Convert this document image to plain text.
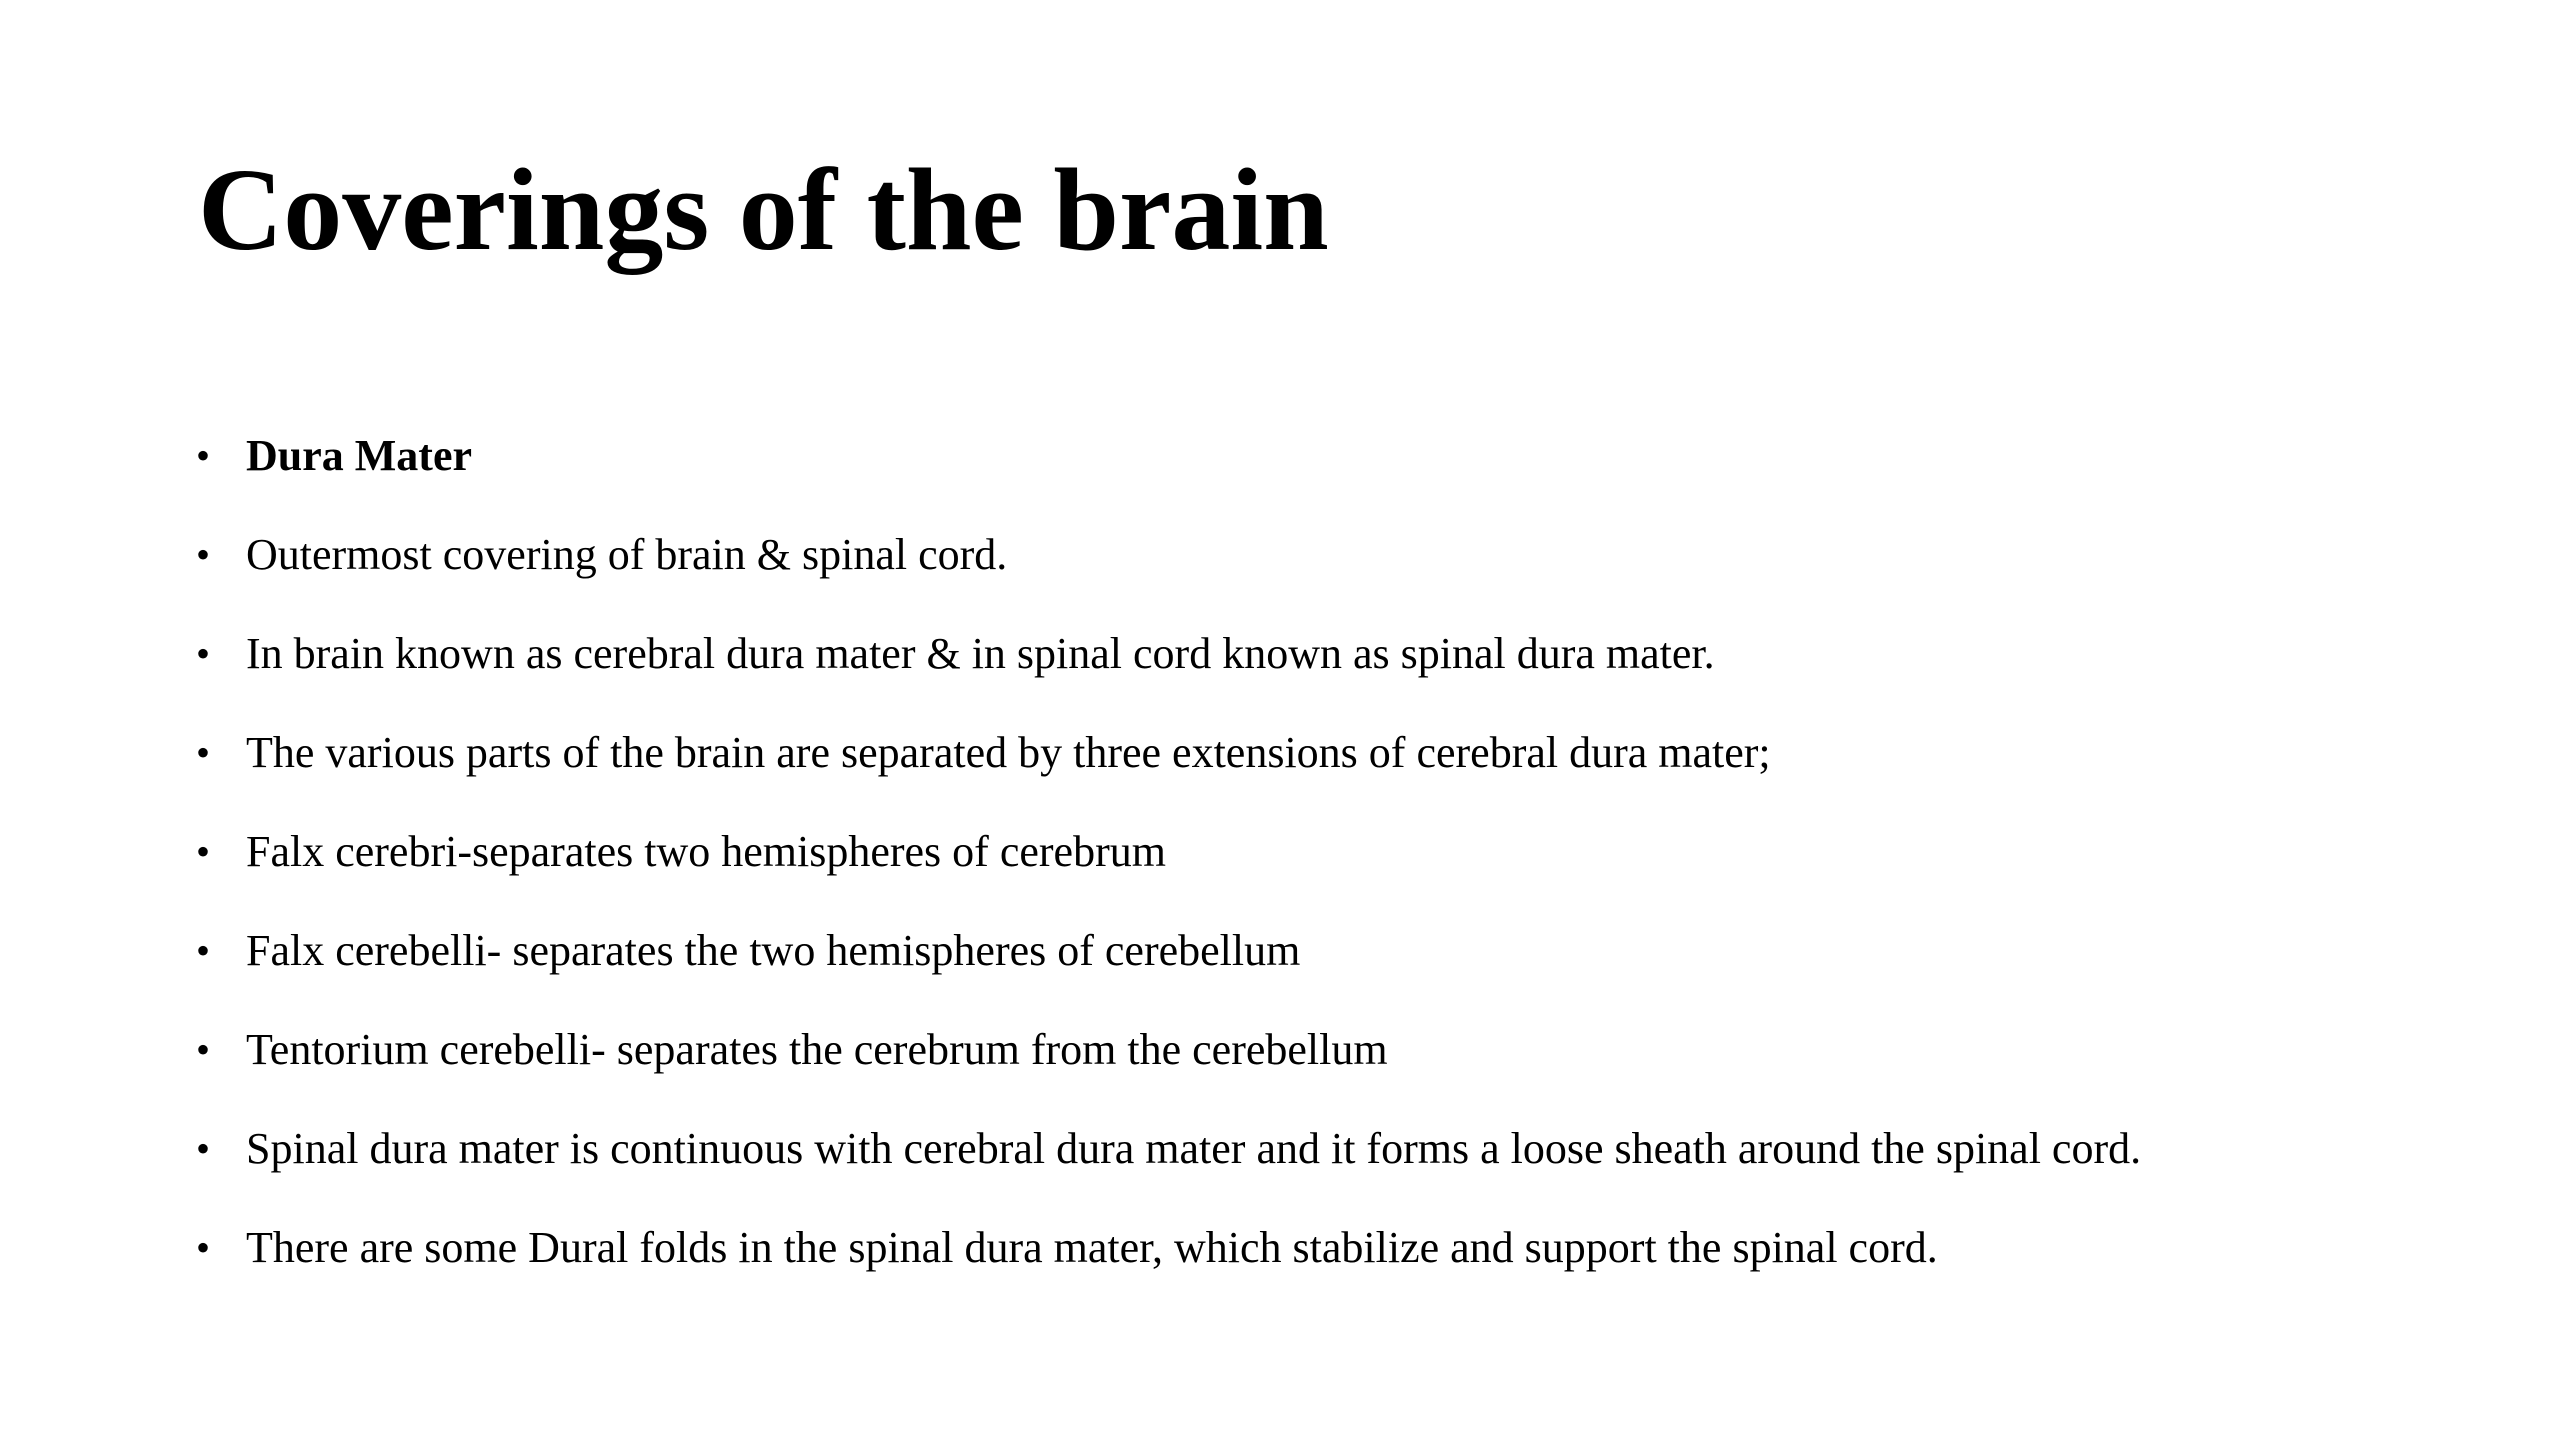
Coverings of the brain
• Dura Mater
• Outermost covering of brain & spinal cord.
• In brain known as cerebral dura mater & in spinal cord known as spinal dura mater.
• The various parts of the brain are separated by three extensions of cerebral dura mater;
• Falx cerebri-separates two hemispheres of cerebrum
• Falx cerebelli- separates the two hemispheres of cerebellum
• Tentorium cerebelli- separates the cerebrum from the cerebellum
• Spinal dura mater is continuous with cerebral dura mater and it forms a loose sheath around the spinal cord.
• There are some Dural folds in the spinal dura mater, which stabilize and support the spinal cord.
